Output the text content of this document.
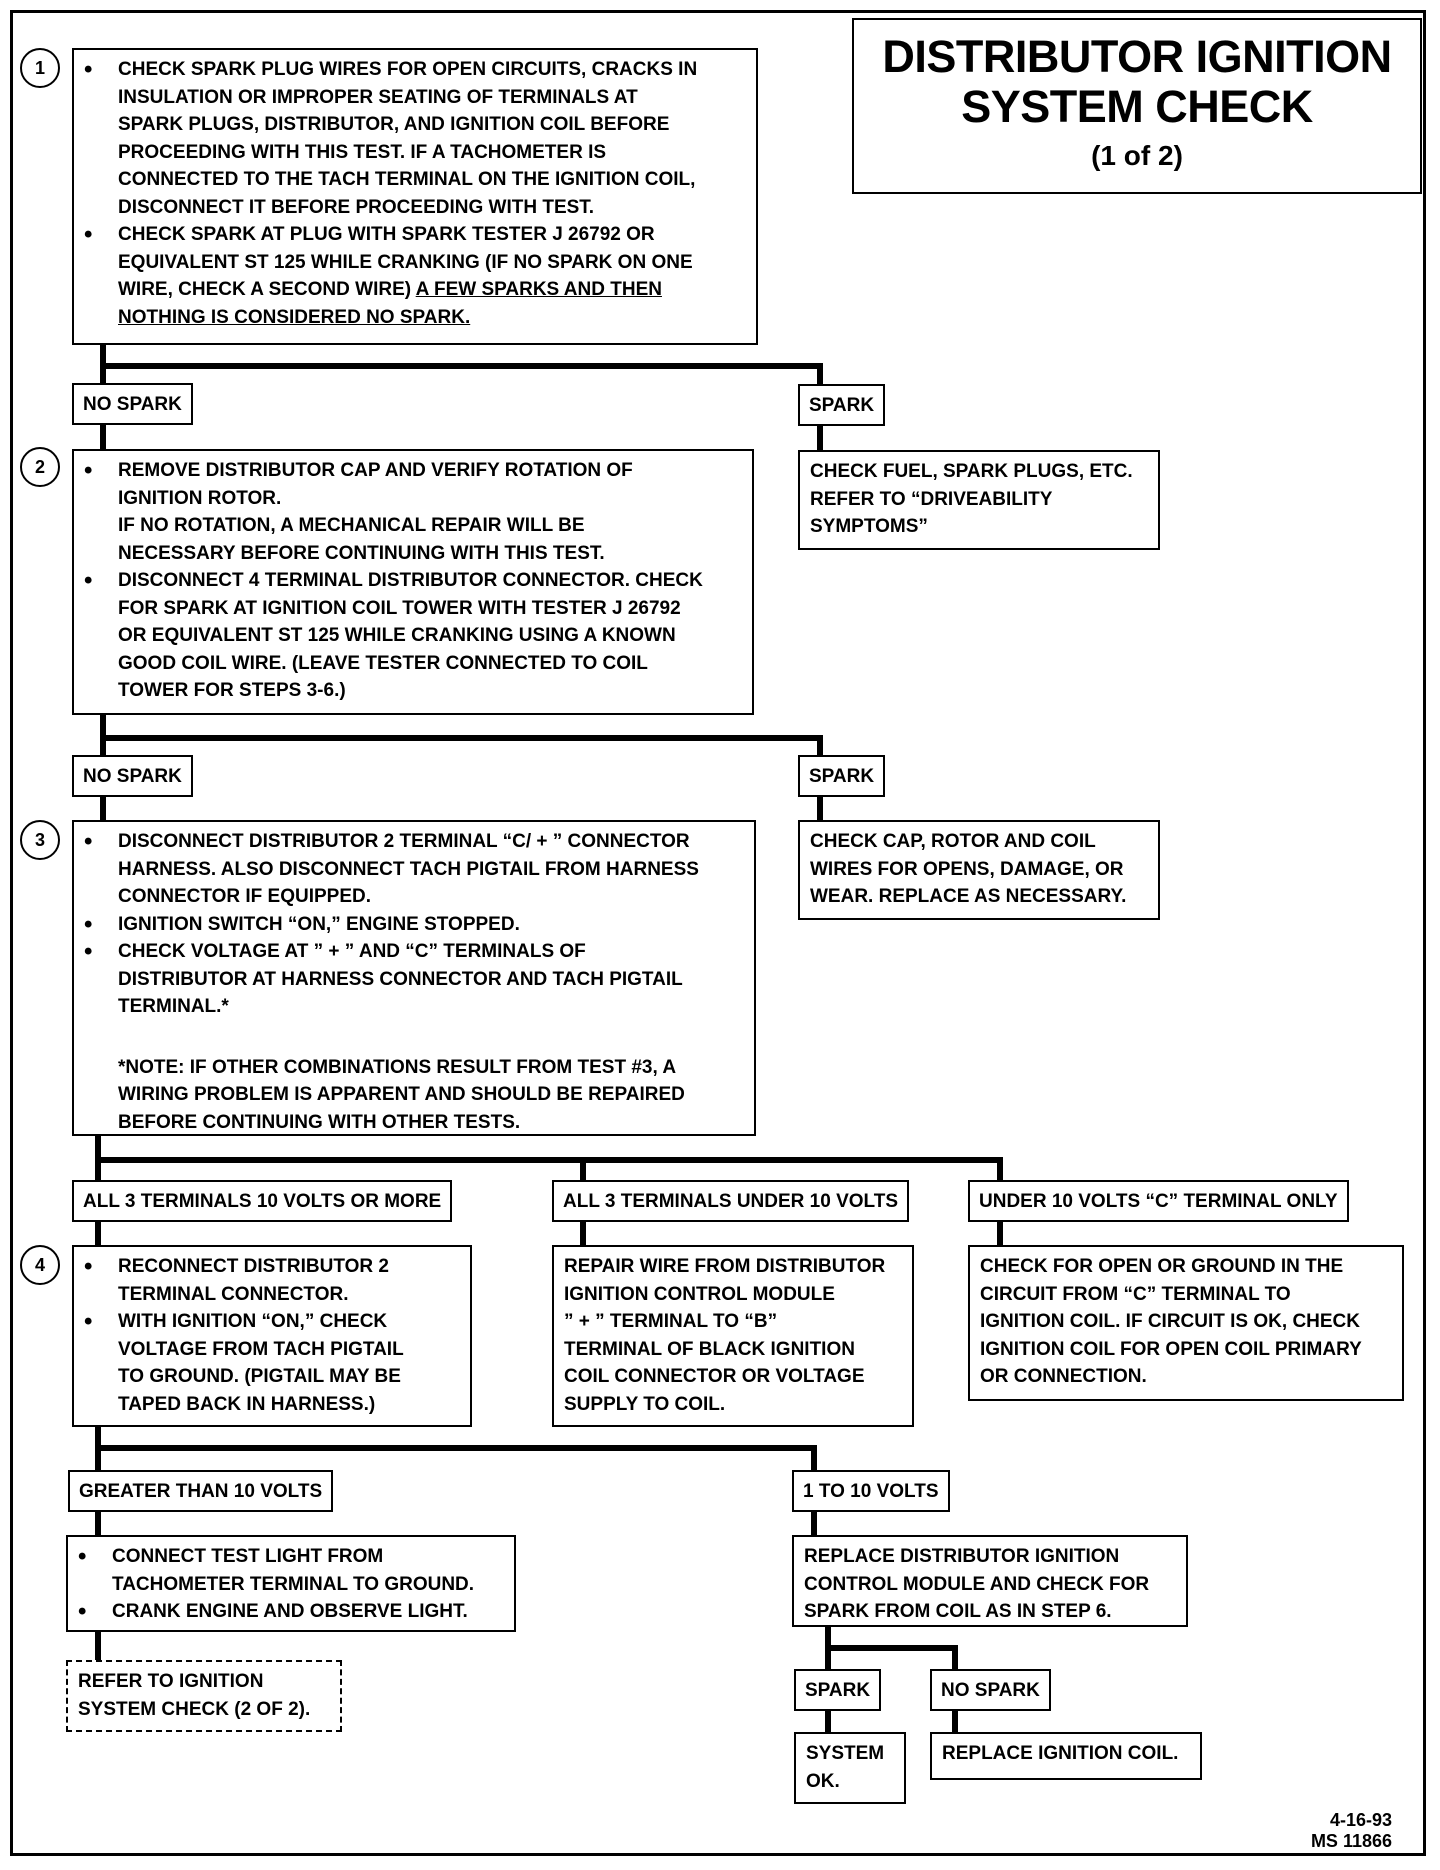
DISTRIBUTOR IGNITION
SYSTEM CHECK
(1 of 2)
1	• CHECK SPARK PLUG WIRES FOR OPEN CIRCUITS, CRACKS IN
INSULATION OR IMPROPER SEATING OF TERMINALS AT
SPARK PLUGS, DISTRIBUTOR, AND IGNITION COIL BEFORE
PROCEEDING WITH THIS TEST. IF A TACHOMETER IS
CONNECTED TO THE TACH TERMINAL ON THE IGNITION COIL,
DISCONNECT IT BEFORE PROCEEDING WITH TEST.
• CHECK SPARK AT PLUG WITH SPARK TESTER J 26792 OR
EQUIVALENT ST 125 WHILE CRANKING (IF NO SPARK ON ONE
WIRE, CHECK A SECOND WIRE) A FEW SPARKS AND THEN
NOTHING IS CONSIDERED NO SPARK.
NO SPARK	SPARK
2	• REMOVE DISTRIBUTOR CAP AND VERIFY ROTATION OF
IGNITION ROTOR.
IF NO ROTATION, A MECHANICAL REPAIR WILL BE
NECESSARY BEFORE CONTINUING WITH THIS TEST.
• DISCONNECT 4 TERMINAL DISTRIBUTOR CONNECTOR. CHECK
FOR SPARK AT IGNITION COIL TOWER WITH TESTER J 26792
OR EQUIVALENT ST 125 WHILE CRANKING USING A KNOWN
GOOD COIL WIRE. (LEAVE TESTER CONNECTED TO COIL
TOWER FOR STEPS 3-6.)
CHECK FUEL, SPARK PLUGS, ETC.
REFER TO “DRIVEABILITY
SYMPTOMS”
NO SPARK	SPARK
3	• DISCONNECT DISTRIBUTOR 2 TERMINAL “C/ + ” CONNECTOR
HARNESS. ALSO DISCONNECT TACH PIGTAIL FROM HARNESS
CONNECTOR IF EQUIPPED.
• IGNITION SWITCH “ON,” ENGINE STOPPED.
• CHECK VOLTAGE AT ” + ” AND “C” TERMINALS OF
DISTRIBUTOR AT HARNESS CONNECTOR AND TACH PIGTAIL
TERMINAL.*
*NOTE: IF OTHER COMBINATIONS RESULT FROM TEST #3, A
WIRING PROBLEM IS APPARENT AND SHOULD BE REPAIRED
BEFORE CONTINUING WITH OTHER TESTS.
CHECK CAP, ROTOR AND COIL
WIRES FOR OPENS, DAMAGE, OR
WEAR. REPLACE AS NECESSARY.
ALL 3 TERMINALS 10 VOLTS OR MORE	ALL 3 TERMINALS UNDER 10 VOLTS	UNDER 10 VOLTS “C” TERMINAL ONLY
4	• RECONNECT DISTRIBUTOR 2
TERMINAL CONNECTOR.
• WITH IGNITION “ON,” CHECK
VOLTAGE FROM TACH PIGTAIL
TO GROUND. (PIGTAIL MAY BE
TAPED BACK IN HARNESS.)
REPAIR WIRE FROM DISTRIBUTOR
IGNITION CONTROL MODULE
” + ” TERMINAL TO “B”
TERMINAL OF BLACK IGNITION
COIL CONNECTOR OR VOLTAGE
SUPPLY TO COIL.
CHECK FOR OPEN OR GROUND IN THE
CIRCUIT FROM “C” TERMINAL TO
IGNITION COIL. IF CIRCUIT IS OK, CHECK
IGNITION COIL FOR OPEN COIL PRIMARY
OR CONNECTION.
GREATER THAN 10 VOLTS	1 TO 10 VOLTS
• CONNECT TEST LIGHT FROM
TACHOMETER TERMINAL TO GROUND.
• CRANK ENGINE AND OBSERVE LIGHT.
REPLACE DISTRIBUTOR IGNITION
CONTROL MODULE AND CHECK FOR
SPARK FROM COIL AS IN STEP 6.
REFER TO IGNITION
SYSTEM CHECK (2 OF 2).
SPARK	NO SPARK
SYSTEM
OK.
REPLACE IGNITION COIL.
4-16-93
MS 11866
